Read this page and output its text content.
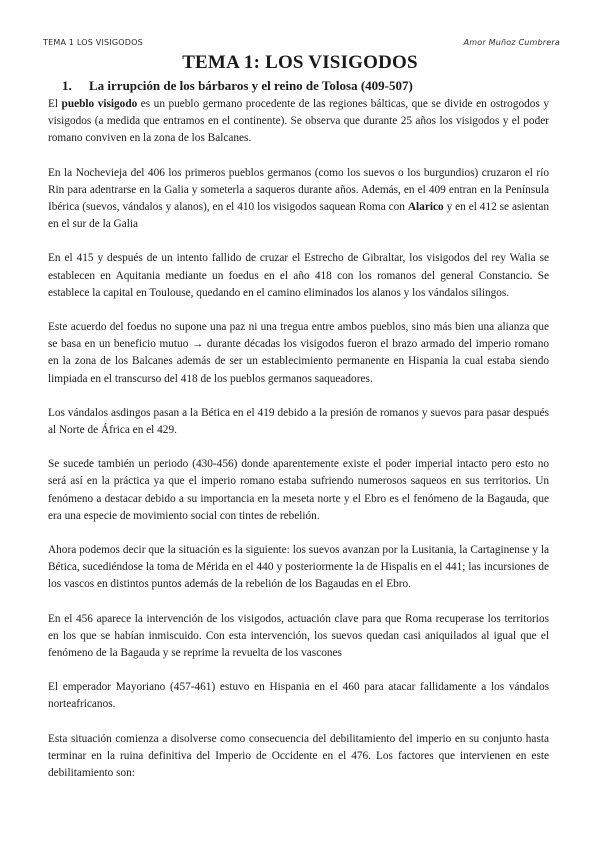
TEMA 1 LOS VISIGODOS	Amor Muñoz Cumbrera
TEMA 1: LOS VISIGODOS
1. La irrupción de los bárbaros y el reino de Tolosa (409-507)

El pueblo visigodo es un pueblo germano procedente de las regiones bálticas, que se divide en ostrogodos y visigodos (a medida que entramos en el continente). Se observa que durante 25 años los visigodos y el poder romano conviven en la zona de los Balcanes.

En la Nochevieja del 406 los primeros pueblos germanos (como los suevos o los burgundios) cruzaron el río Rin para adentrarse en la Galia y someterla a saqueros durante años. Además, en el 409 entran en la Península Ibérica (suevos, vándalos y alanos), en el 410 los visigodos saquean Roma con Alarico y en el 412 se asientan en el sur de la Galia

En el 415 y después de un intento fallido de cruzar el Estrecho de Gibraltar, los visigodos del rey Walia se establecen en Aquitania mediante un foedus en el año 418 con los romanos del general Constancio. Se establece la capital en Toulouse, quedando en el camino eliminados los alanos y los vándalos silingos.

Este acuerdo del foedus no supone una paz ni una tregua entre ambos pueblos, sino más bien una alianza que se basa en un beneficio mutuo → durante décadas los visigodos fueron el brazo armado del imperio romano en la zona de los Balcanes además de ser un establecimiento permanente en Hispania la cual estaba siendo limpiada en el transcurso del 418 de los pueblos germanos saqueadores.

Los vándalos asdingos pasan a la Bética en el 419 debido a la presión de romanos y suevos para pasar después al Norte de África en el 429.

Se sucede también un periodo (430-456) donde aparentemente existe el poder imperial intacto pero esto no será así en la práctica ya que el imperio romano estaba sufriendo numerosos saqueos en sus territorios. Un fenómeno a destacar debido a su importancia en la meseta norte y el Ebro es el fenómeno de la Bagauda, que era una especie de movimiento social con tintes de rebelión.

Ahora podemos decir que la situación es la siguiente: los suevos avanzan por la Lusitania, la Cartaginense y la Bética, sucediéndose la toma de Mérida en el 440 y posteriormente la de Hispalis en el 441; las incursiones de los vascos en distintos puntos además de la rebelión de los Bagaudas en el Ebro.

En el 456 aparece la intervención de los visigodos, actuación clave para que Roma recuperase los territorios en los que se habían inmiscuido. Con esta intervención, los suevos quedan casi aniquilados al igual que el fenómeno de la Bagauda y se reprime la revuelta de los vascones

El emperador Mayoriano (457-461) estuvo en Hispania en el 460 para atacar fallidamente a los vándalos norteafricanos.

Esta situación comienza a disolverse como consecuencia del debilitamiento del imperio en su conjunto hasta terminar en la ruina definitiva del Imperio de Occidente en el 476. Los factores que intervienen en este debilitamiento son:
